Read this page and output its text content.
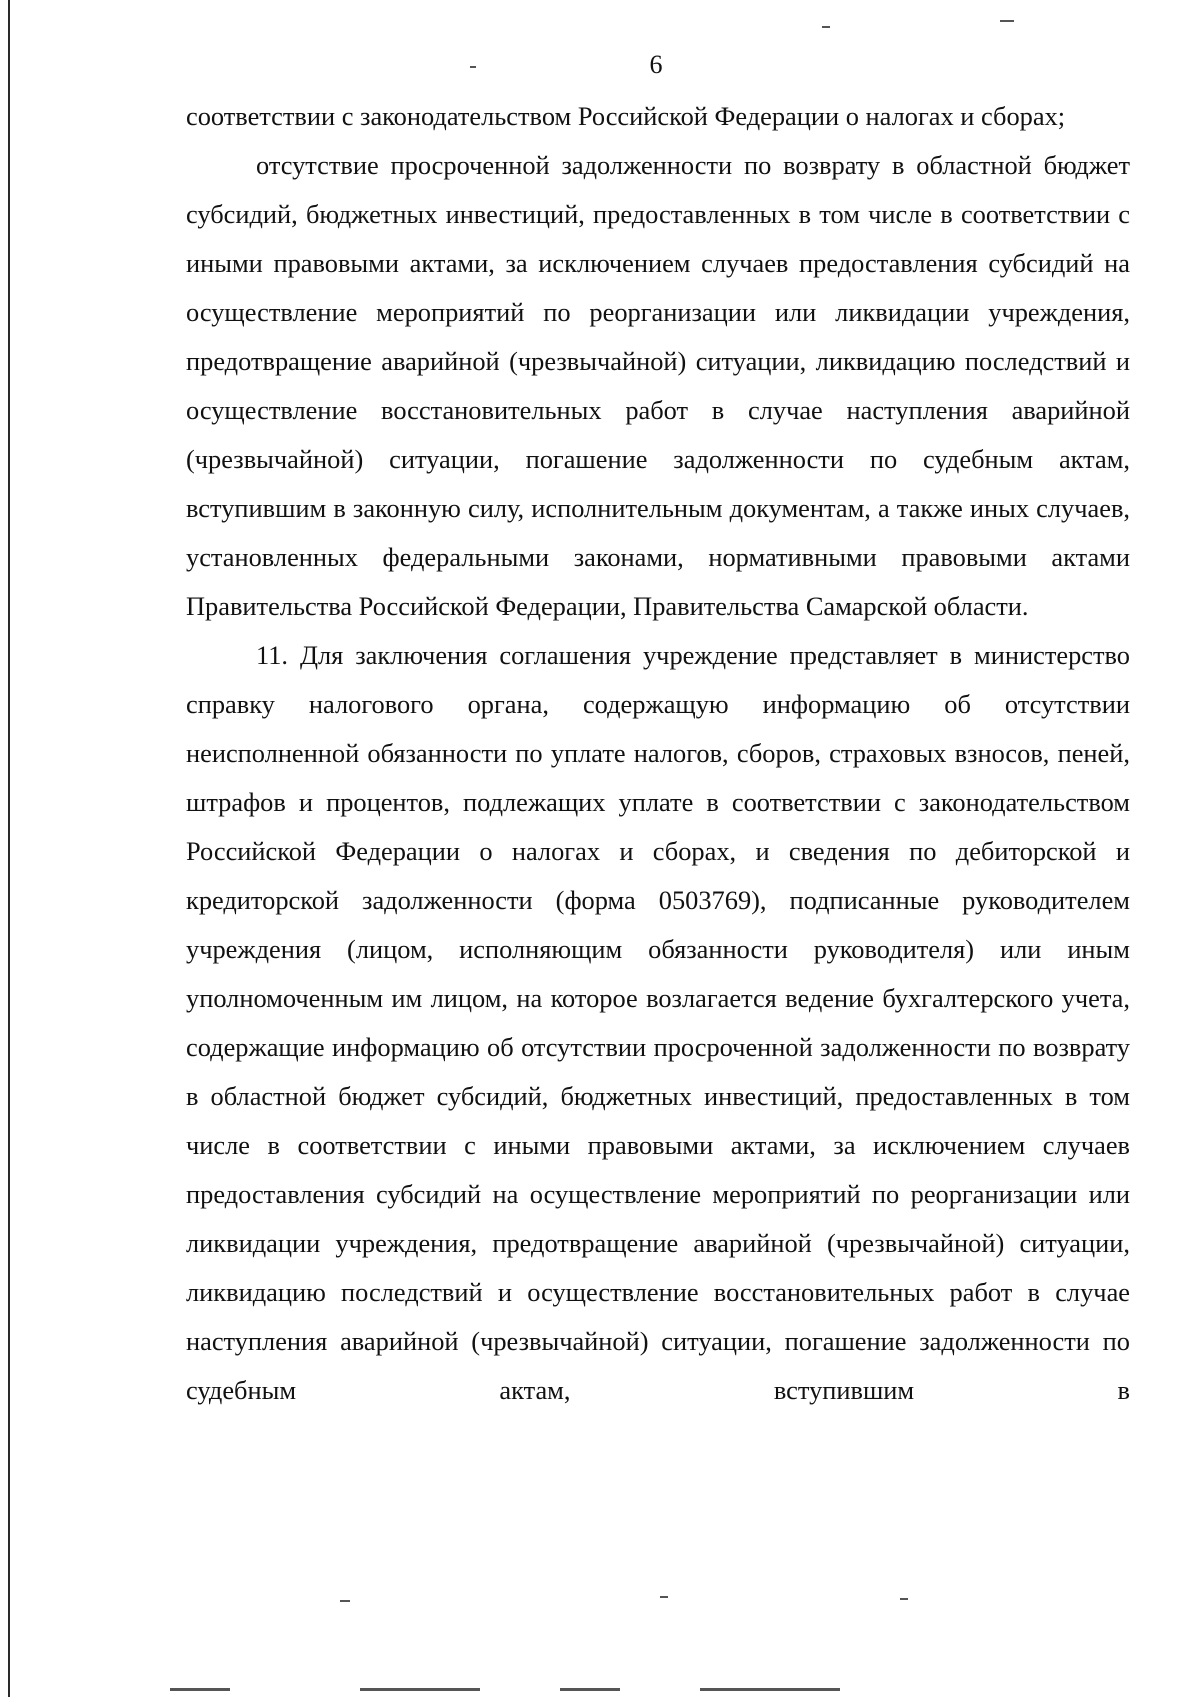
6

соответствии с законодательством Российской Федерации о налогах и сборах;

отсутствие просроченной задолженности по возврату в областной бюджет субсидий, бюджетных инвестиций, предоставленных в том числе в соответствии с иными правовыми актами, за исключением случаев предоставления субсидий на осуществление мероприятий по реорганизации или ликвидации учреждения, предотвращение аварийной (чрезвычайной) ситуации, ликвидацию последствий и осуществление восстановительных работ в случае наступления аварийной (чрезвычайной) ситуации, погашение задолженности по судебным актам, вступившим в законную силу, исполнительным документам, а также иных случаев, установленных федеральными законами, нормативными правовыми актами Правительства Российской Федерации, Правительства Самарской области.

11. Для заключения соглашения учреждение представляет в министерство справку налогового органа, содержащую информацию об отсутствии неисполненной обязанности по уплате налогов, сборов, страховых взносов, пеней, штрафов и процентов, подлежащих уплате в соответствии с законодательством Российской Федерации о налогах и сборах, и сведения по дебиторской и кредиторской задолженности (форма 0503769), подписанные руководителем учреждения (лицом, исполняющим обязанности руководителя) или иным уполномоченным им лицом, на которое возлагается ведение бухгалтерского учета, содержащие информацию об отсутствии просроченной задолженности по возврату в областной бюджет субсидий, бюджетных инвестиций, предоставленных в том числе в соответствии с иными правовыми актами, за исключением случаев предоставления субсидий на осуществление мероприятий по реорганизации или ликвидации учреждения, предотвращение аварийной (чрезвычайной) ситуации, ликвидацию последствий и осуществление восстановительных работ в случае наступления аварийной (чрезвычайной) ситуации, погашение задолженности по судебным актам, вступившим в
